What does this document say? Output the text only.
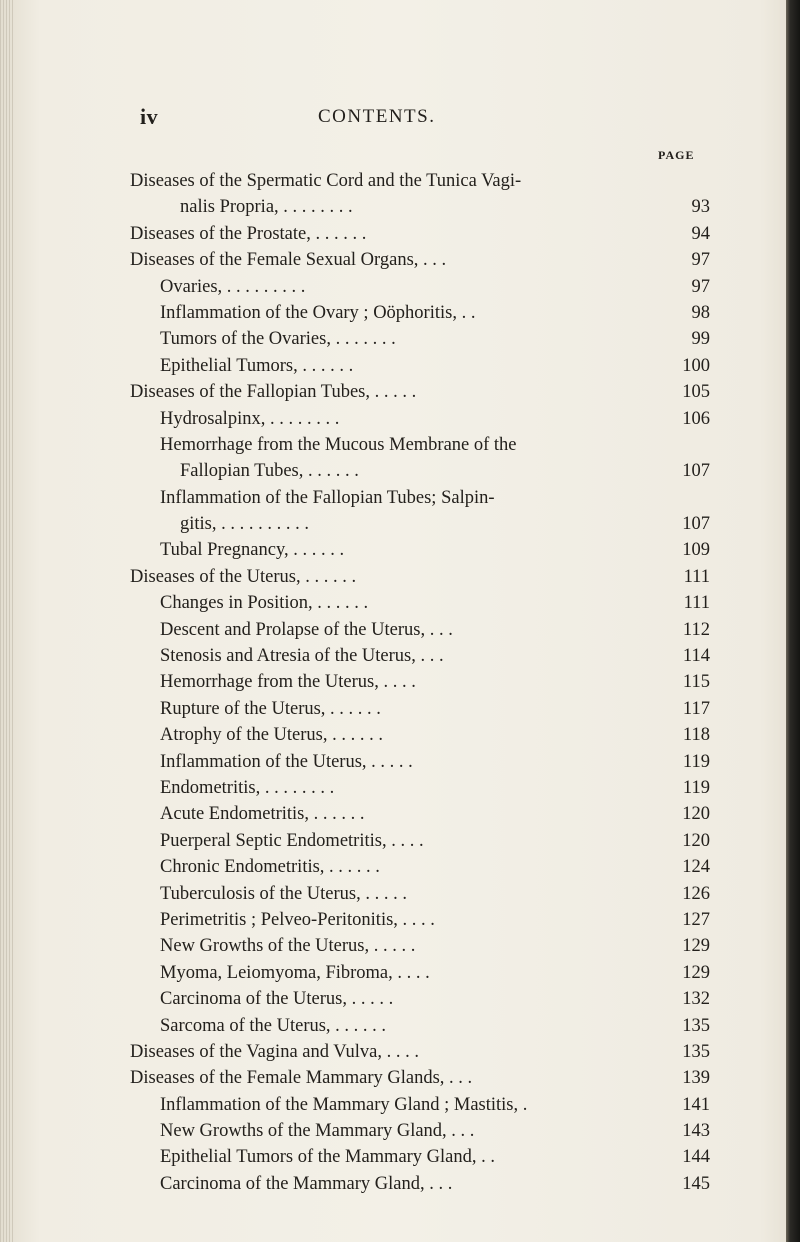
iv	CONTENTS.
PAGE
Diseases of the Spermatic Cord and the Tunica Vagi-
nalis Propria, . . . . . . . .	93
Diseases of the Prostate, . . . . . .	94
Diseases of the Female Sexual Organs, . . .	97
Ovaries, . . . . . . . . .	97
Inflammation of the Ovary ; Oöphoritis, . .	98
Tumors of the Ovaries, . . . . . . .	99
Epithelial Tumors, . . . . . .	100
Diseases of the Fallopian Tubes, . . . . .	105
Hydrosalpinx, . . . . . . . .	106
Hemorrhage from the Mucous Membrane of the
Fallopian Tubes, . . . . . .	107
Inflammation of the Fallopian Tubes; Salpin-
gitis, . . . . . . . . . .	107
Tubal Pregnancy, . . . . . .	109
Diseases of the Uterus, . . . . . .	111
Changes in Position, . . . . . .	111
Descent and Prolapse of the Uterus, . . .	112
Stenosis and Atresia of the Uterus, . . .	114
Hemorrhage from the Uterus, . . . .	115
Rupture of the Uterus, . . . . . .	117
Atrophy of the Uterus, . . . . . .	118
Inflammation of the Uterus, . . . . .	119
Endometritis, . . . . . . . .	119
Acute Endometritis, . . . . . .	120
Puerperal Septic Endometritis, . . . .	120
Chronic Endometritis, . . . . . .	124
Tuberculosis of the Uterus, . . . . .	126
Perimetritis ; Pelveo-Peritonitis, . . . .	127
New Growths of the Uterus, . . . . .	129
Myoma, Leiomyoma, Fibroma, . . . .	129
Carcinoma of the Uterus, . . . . .	132
Sarcoma of the Uterus, . . . . . .	135
Diseases of the Vagina and Vulva, . . . .	135
Diseases of the Female Mammary Glands, . . .	139
Inflammation of the Mammary Gland ; Mastitis, .	141
New Growths of the Mammary Gland, . . .	143
Epithelial Tumors of the Mammary Gland, . .	144
Carcinoma of the Mammary Gland, . . .	145
